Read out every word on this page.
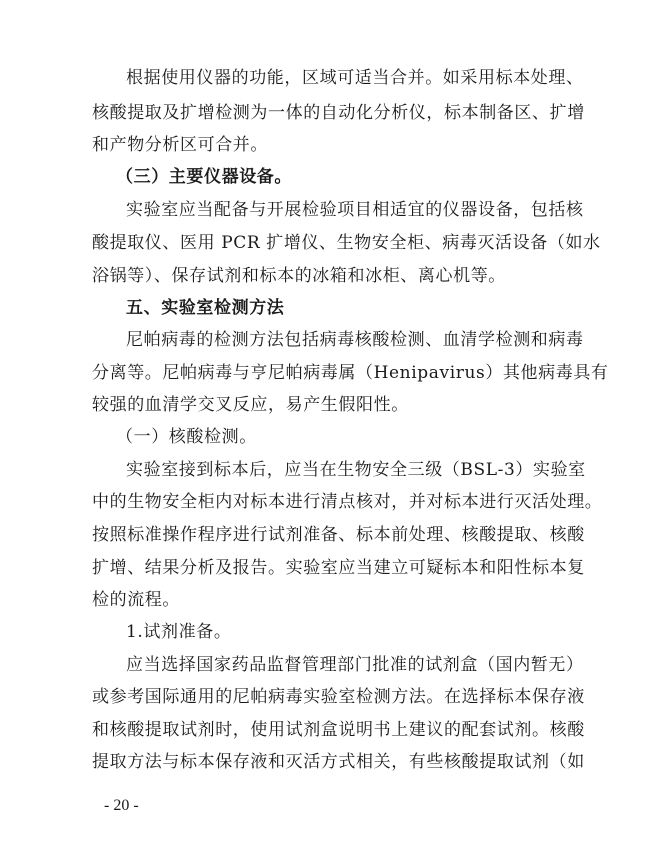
根据使用仪器的功能，区域可适当合并。如采用标本处理、
核酸提取及扩增检测为一体的自动化分析仪，标本制备区、扩增
和产物分析区可合并。
（三）主要仪器设备。
实验室应当配备与开展检验项目相适宜的仪器设备，包括核
酸提取仪、医用 PCR 扩增仪、生物安全柜、病毒灭活设备（如水
浴锅等）、保存试剂和标本的冰箱和冰柜、离心机等。
五、实验室检测方法
尼帕病毒的检测方法包括病毒核酸检测、血清学检测和病毒
分离等。尼帕病毒与亨尼帕病毒属（Henipavirus）其他病毒具有
较强的血清学交叉反应，易产生假阳性。
（一）核酸检测。
实验室接到标本后，应当在生物安全三级（BSL-3）实验室
中的生物安全柜内对标本进行清点核对，并对标本进行灭活处理。
按照标准操作程序进行试剂准备、标本前处理、核酸提取、核酸
扩增、结果分析及报告。实验室应当建立可疑标本和阳性标本复
检的流程。
1.试剂准备。
应当选择国家药品监督管理部门批准的试剂盒（国内暂无）
或参考国际通用的尼帕病毒实验室检测方法。在选择标本保存液
和核酸提取试剂时，使用试剂盒说明书上建议的配套试剂。核酸
提取方法与标本保存液和灭活方式相关，有些核酸提取试剂（如
- 20 -
